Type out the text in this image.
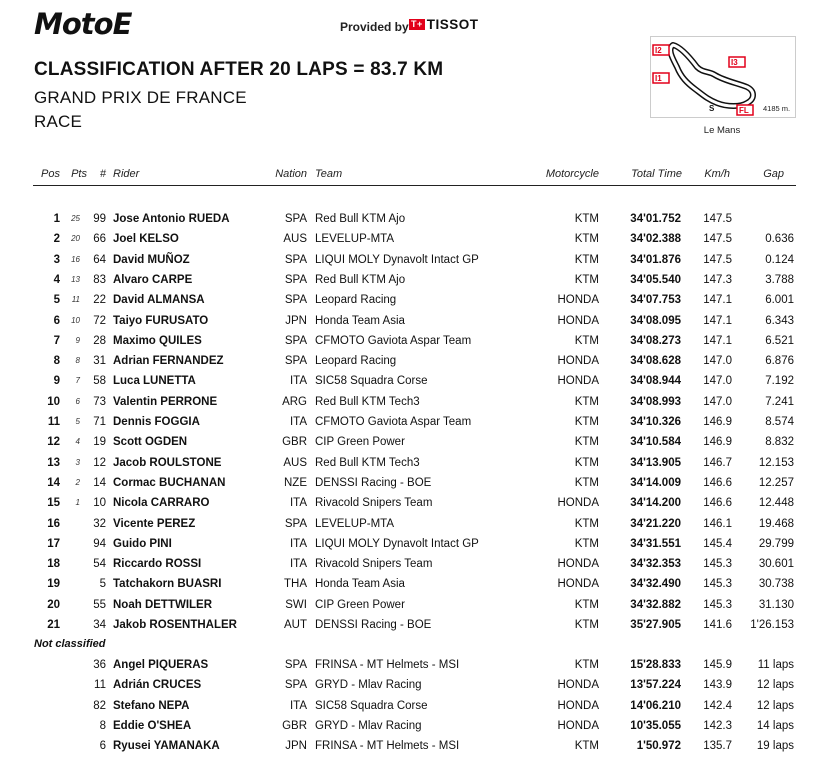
MotoE	Provided by T+ TISSOT
CLASSIFICATION AFTER 20 LAPS = 83.7 KM
GRAND PRIX DE FRANCE
RACE
I2
I1
I3
S	FL 4185 m.
Le Mans
Pos Pts # Rider	Nation Team	Motorcycle	Total Time Km/h	Gap
1 25 99 Jose Antonio RUEDA	SPA Red Bull KTM Ajo	KTM	34'01.752 147.5
2 20 66 Joel KELSO	AUS LEVELUP-MTA	KTM	34'02.388 147.5	0.636
3 16 64 David MUÑOZ	SPA LIQUI MOLY Dynavolt Intact GP	KTM	34'01.876 147.5	0.124
4 13 83 Alvaro CARPE	SPA Red Bull KTM Ajo	KTM	34'05.540 147.3	3.788
5 11 22 David ALMANSA	SPA Leopard Racing	HONDA	34'07.753 147.1	6.001
6 10 72 Taiyo FURUSATO	JPN Honda Team Asia	HONDA	34'08.095 147.1	6.343
7 9 28 Maximo QUILES	SPA CFMOTO Gaviota Aspar Team	KTM	34'08.273 147.1	6.521
8 8 31 Adrian FERNANDEZ	SPA Leopard Racing	HONDA	34'08.628 147.0	6.876
9 7 58 Luca LUNETTA	ITA SIC58 Squadra Corse	HONDA	34'08.944 147.0	7.192
10 6 73 Valentin PERRONE	ARG Red Bull KTM Tech3	KTM	34'08.993 147.0	7.241
11 5 71 Dennis FOGGIA	ITA CFMOTO Gaviota Aspar Team	KTM	34'10.326 146.9	8.574
12 4 19 Scott OGDEN	GBR CIP Green Power	KTM	34'10.584 146.9	8.832
13 3 12 Jacob ROULSTONE	AUS Red Bull KTM Tech3	KTM	34'13.905 146.7 12.153
14 2 14 Cormac BUCHANAN	NZE DENSSI Racing - BOE	KTM	34'14.009 146.6 12.257
15 1 10 Nicola CARRARO	ITA Rivacold Snipers Team	HONDA	34'14.200 146.6 12.448
16	32 Vicente PEREZ	SPA LEVELUP-MTA	KTM	34'21.220 146.1 19.468
17	94 Guido PINI	ITA LIQUI MOLY Dynavolt Intact GP	KTM	34'31.551 145.4 29.799
18	54 Riccardo ROSSI	ITA Rivacold Snipers Team	HONDA	34'32.353 145.3 30.601
19	5 Tatchakorn BUASRI	THA Honda Team Asia	HONDA	34'32.490 145.3 30.738
20	55 Noah DETTWILER	SWI CIP Green Power	KTM	34'32.882 145.3 31.130
21	34 Jakob ROSENTHALER	AUT DENSSI Racing - BOE	KTM	35'27.905 141.6 1'26.153
Not classified
36 Angel PIQUERAS	SPA FRINSA - MT Helmets - MSI	KTM	15'28.833 145.9 11 laps
11 Adrián CRUCES	SPA GRYD - Mlav Racing	HONDA	13'57.224 143.9 12 laps
82 Stefano NEPA	ITA SIC58 Squadra Corse	HONDA	14'06.210 142.4 12 laps
8 Eddie O'SHEA	GBR GRYD - Mlav Racing	HONDA	10'35.055 142.3 14 laps
6 Ryusei YAMANAKA	JPN FRINSA - MT Helmets - MSI	KTM	1'50.972 135.7 19 laps
